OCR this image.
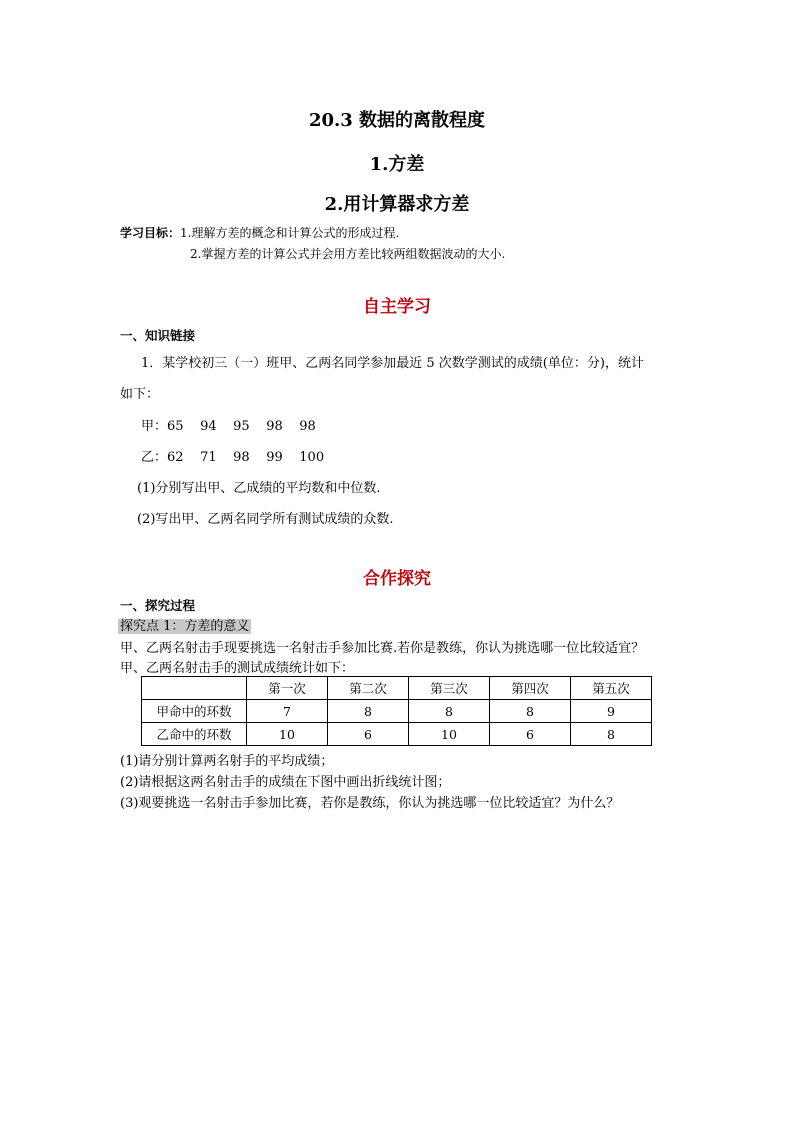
20.3 数据的离散程度
1.方差
2.用计算器求方差
学习目标：1.理解方差的概念和计算公式的形成过程.
2.掌握方差的计算公式并会用方差比较两组数据波动的大小.
自主学习
一、知识链接
1．某学校初三（一）班甲、乙两名同学参加最近 5 次数学测试的成绩(单位：分)，统计
如下：
甲：65    94    95    98    98
乙：62    71    98    99    100
(1)分别写出甲、乙成绩的平均数和中位数.
(2)写出甲、乙两名同学所有测试成绩的众数.
合作探究
一、探究过程
探究点 1：方差的意义
甲、乙两名射击手现要挑选一名射击手参加比赛.若你是教练，你认为挑选哪一位比较适宜？
甲、乙两名射击手的测试成绩统计如下：
	第一次	第二次	第三次	第四次	第五次
甲命中的环数	7	8	8	8	9
乙命中的环数	10	6	10	6	8
(1)请分别计算两名射手的平均成绩；
(2)请根据这两名射击手的成绩在下图中画出折线统计图；
(3)观要挑选一名射击手参加比赛，若你是教练，你认为挑选哪一位比较适宜？为什么？
